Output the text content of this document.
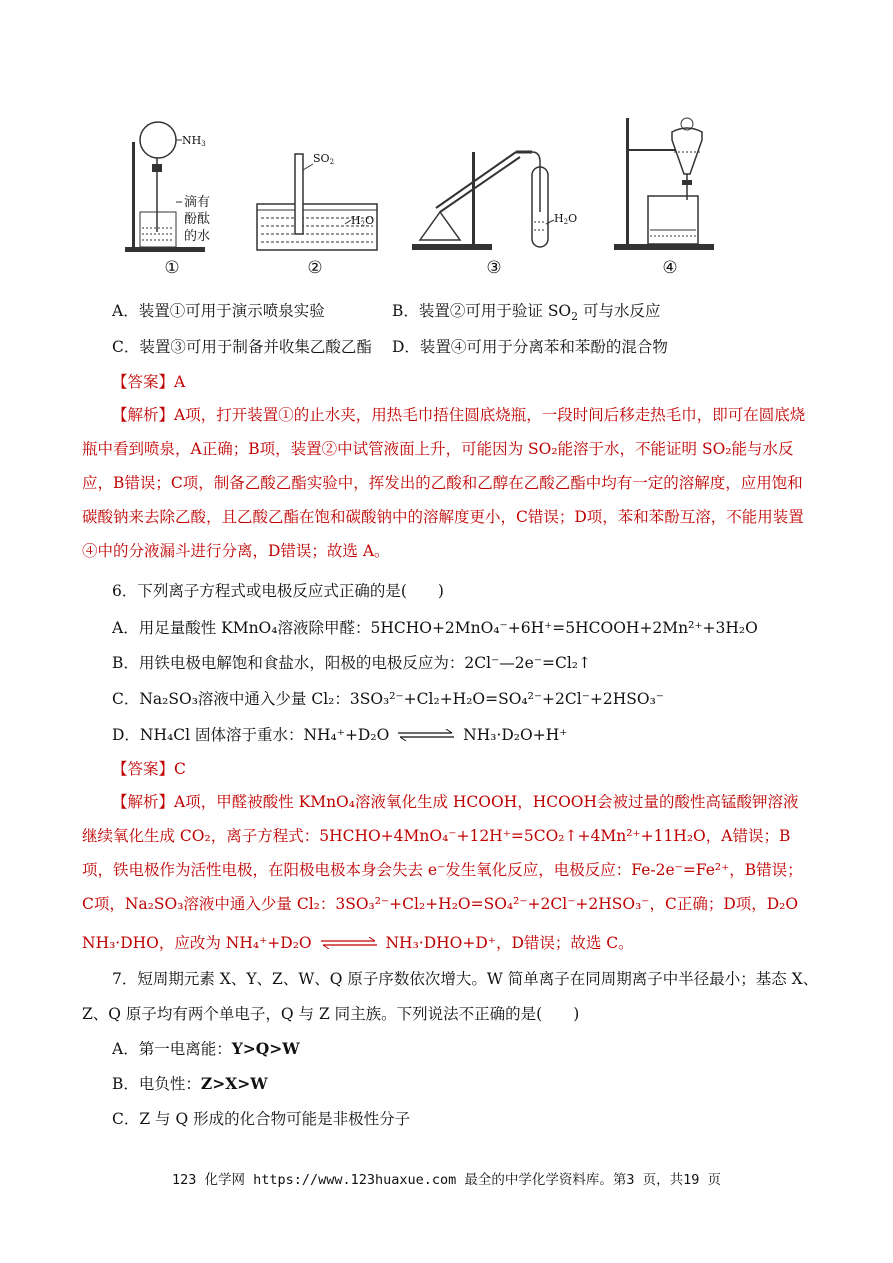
NH3
滴有
酚酞
的水
①
SO2
H2O
②
H2O
③	④
A．装置①可用于演示喷泉实验	B．装置②可用于验证 $SO_2$ 可与水反应
C．装置③可用于制备并收集乙酸乙酯 D．装置④可用于分离苯和苯酚的混合物
【答案】A
【解析】A项，打开装置①的止水夹，用热毛巾捂住圆底烧瓶，一段时间后移走热毛巾，即可在圆底烧瓶中看到喷泉，A正确；B项，装置②中试管液面上升，可能因为 SO₂能溶于水，不能证明 SO₂能与水反应，B错误；C项，制备乙酸乙酯实验中，挥发出的乙酸和乙醇在乙酸乙酯中均有一定的溶解度，应用饱和碳酸钠来去除乙酸，且乙酸乙酯在饱和碳酸钠中的溶解度更小，C错误；D项，苯和苯酚互溶，不能用装置④中的分液漏斗进行分离，D错误；故选 A。
6．下列离子方程式或电极反应式正确的是(　　)
A．用足量酸性 KMnO₄溶液除甲醛：5HCHO+2MnO₄⁻+6H⁺=5HCOOH+2Mn²⁺+3H₂O
B．用铁电极电解饱和食盐水，阳极的电极反应为：2Cl⁻—2e⁻=Cl₂↑
C．Na₂SO₃溶液中通入少量 Cl₂：3SO₃²⁻+Cl₂+H₂O=SO₄²⁻+2Cl⁻+2HSO₃⁻
D．NH₄Cl 固体溶于重水：NH₄⁺+D₂O ⇌ NH₃·D₂O+H⁺
【答案】C
【解析】A项，甲醛被酸性 KMnO₄溶液氧化生成 HCOOH，HCOOH会被过量的酸性高锰酸钾溶液继续氧化生成 CO₂，离子方程式：5HCHO+4MnO₄⁻+12H⁺=5CO₂↑+4Mn²⁺+11H₂O，A错误；B项，铁电极作为活性电极，在阳极电极本身会失去 e⁻发生氧化反应，电极反应：Fe-2e⁻=Fe²⁺，B错误；C项，Na₂SO₃溶液中通入少量 Cl₂：3SO₃²⁻+Cl₂+H₂O=SO₄²⁻+2Cl⁻+2HSO₃⁻，C正确；D项，D₂O
NH₃·DHO，应改为 NH₄⁺+D₂O ⇌ NH₃·DHO+D⁺，D错误；故选 C。
7．短周期元素 X、Y、Z、W、Q 原子序数依次增大。W 简单离子在同周期离子中半径最小；基态 X、
Z、Q 原子均有两个单电子，Q 与 Z 同主族。下列说法不正确的是(　　)
A．第一电离能：Y>Q>W
B．电负性：Z>X>W
C．Z 与 Q 形成的化合物可能是非极性分子
123 化学网 https://www.123huaxue.com 最全的中学化学资料库。第3 页，共19 页
